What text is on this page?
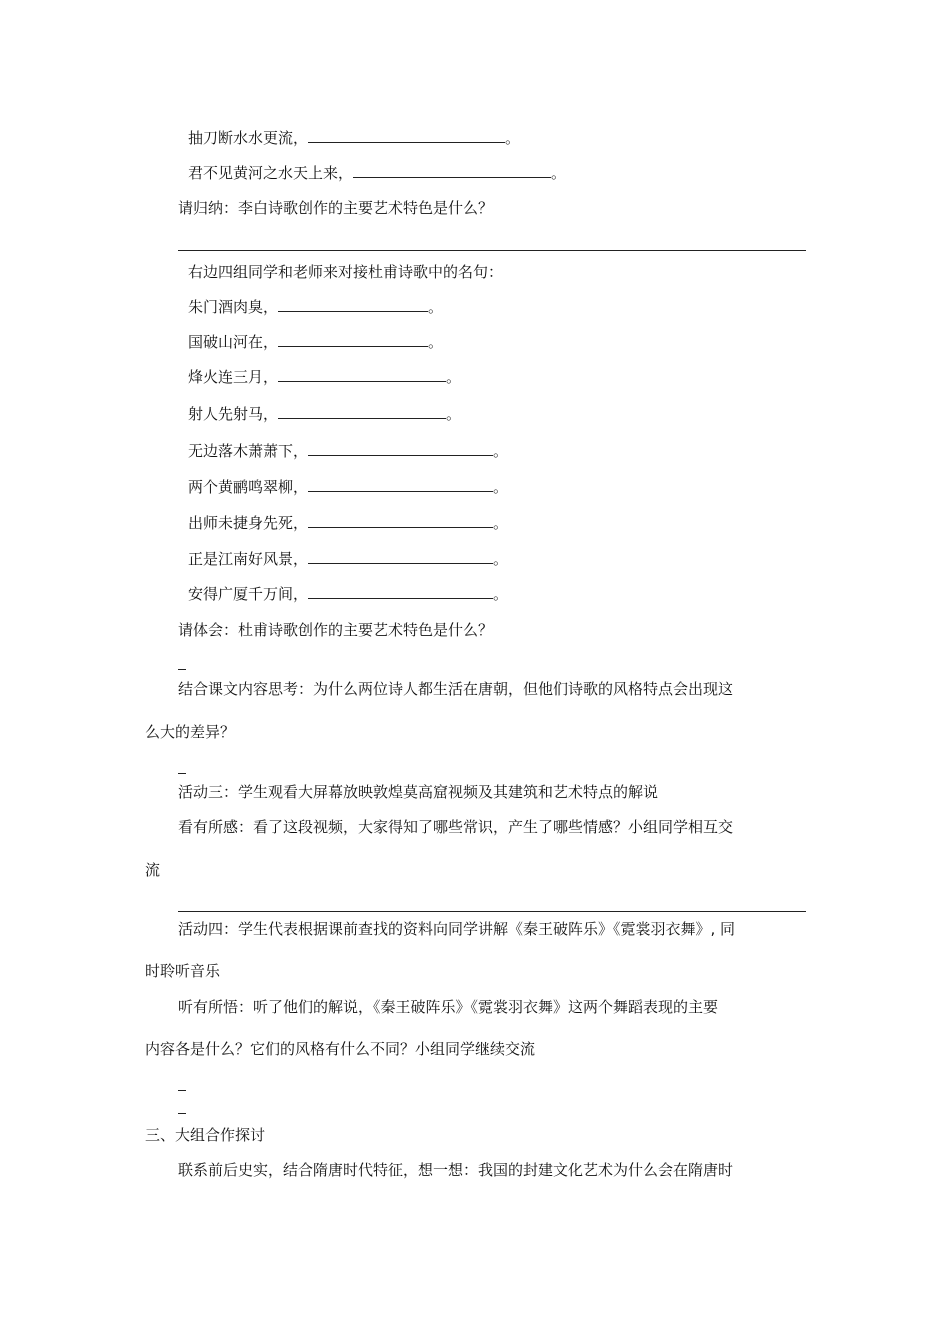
抽刀断水水更流，	。
君不见黄河之水天上来，	。
请归纳：李白诗歌创作的主要艺术特色是什么？
右边四组同学和老师来对接杜甫诗歌中的名句：
朱门酒肉臭，	。
国破山河在，	。
烽火连三月，	。
射人先射马，	。
无边落木萧萧下，	。
两个黄鹂鸣翠柳，	。
出师未捷身先死，	。
正是江南好风景，	。
安得广厦千万间，	。
请体会：杜甫诗歌创作的主要艺术特色是什么？
结合课文内容思考：为什么两位诗人都生活在唐朝，但他们诗歌的风格特点会出现这
么大的差异？
活动三：学生观看大屏幕放映敦煌莫高窟视频及其建筑和艺术特点的解说
看有所感：看了这段视频，大家得知了哪些常识，产生了哪些情感？小组同学相互交
流
活动四：学生代表根据课前查找的资料向同学讲解《秦王破阵乐》《霓裳羽衣舞》, 同
时聆听音乐
听有所悟：听了他们的解说，《秦王破阵乐》《霓裳羽衣舞》这两个舞蹈表现的主要
内容各是什么？它们的风格有什么不同？小组同学继续交流
三、大组合作探讨
联系前后史实，结合隋唐时代特征，想一想：我国的封建文化艺术为什么会在隋唐时
